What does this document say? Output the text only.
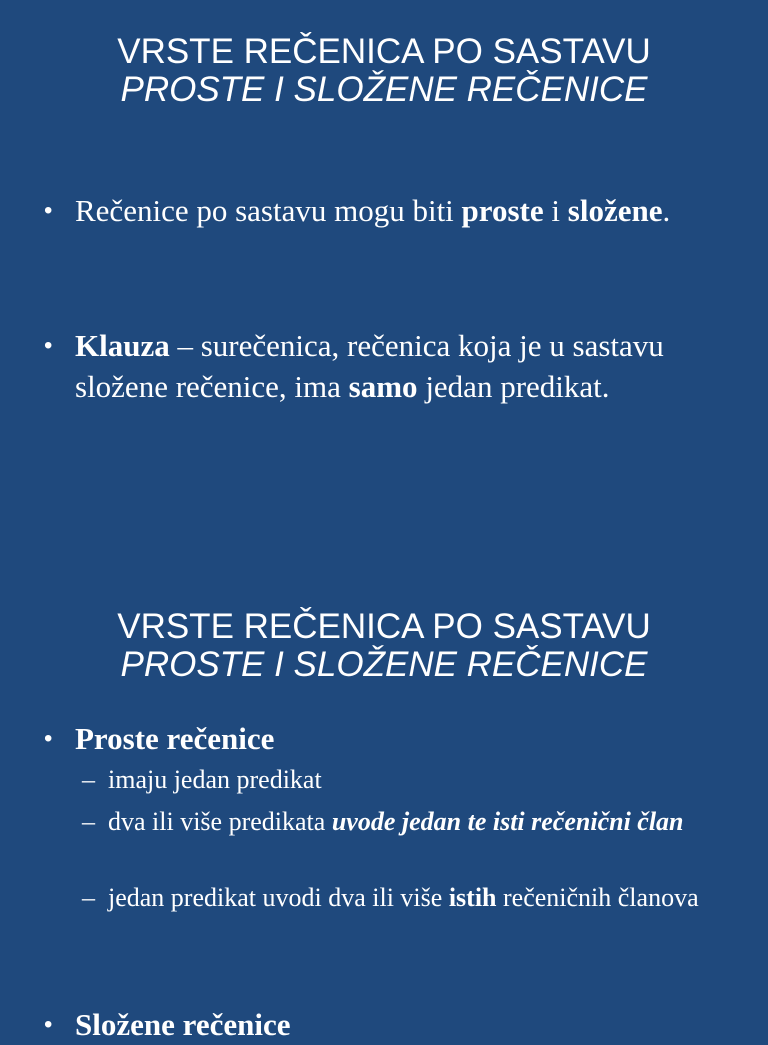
VRSTE REČENICA PO SASTAVU
PROSTE I SLOŽENE REČENICE
• Rečenice po sastavu mogu biti proste i složene.
• Klauza – surečenica, rečenica koja je u sastavu složene rečenice, ima samo jedan predikat.
VRSTE REČENICA PO SASTAVU
PROSTE I SLOŽENE REČENICE
• Proste rečenice
– imaju jedan predikat
– dva ili više predikata uvode jedan te isti rečenični član
– jedan predikat uvodi dva ili više istih rečeničnih članova
• Složene rečenice
